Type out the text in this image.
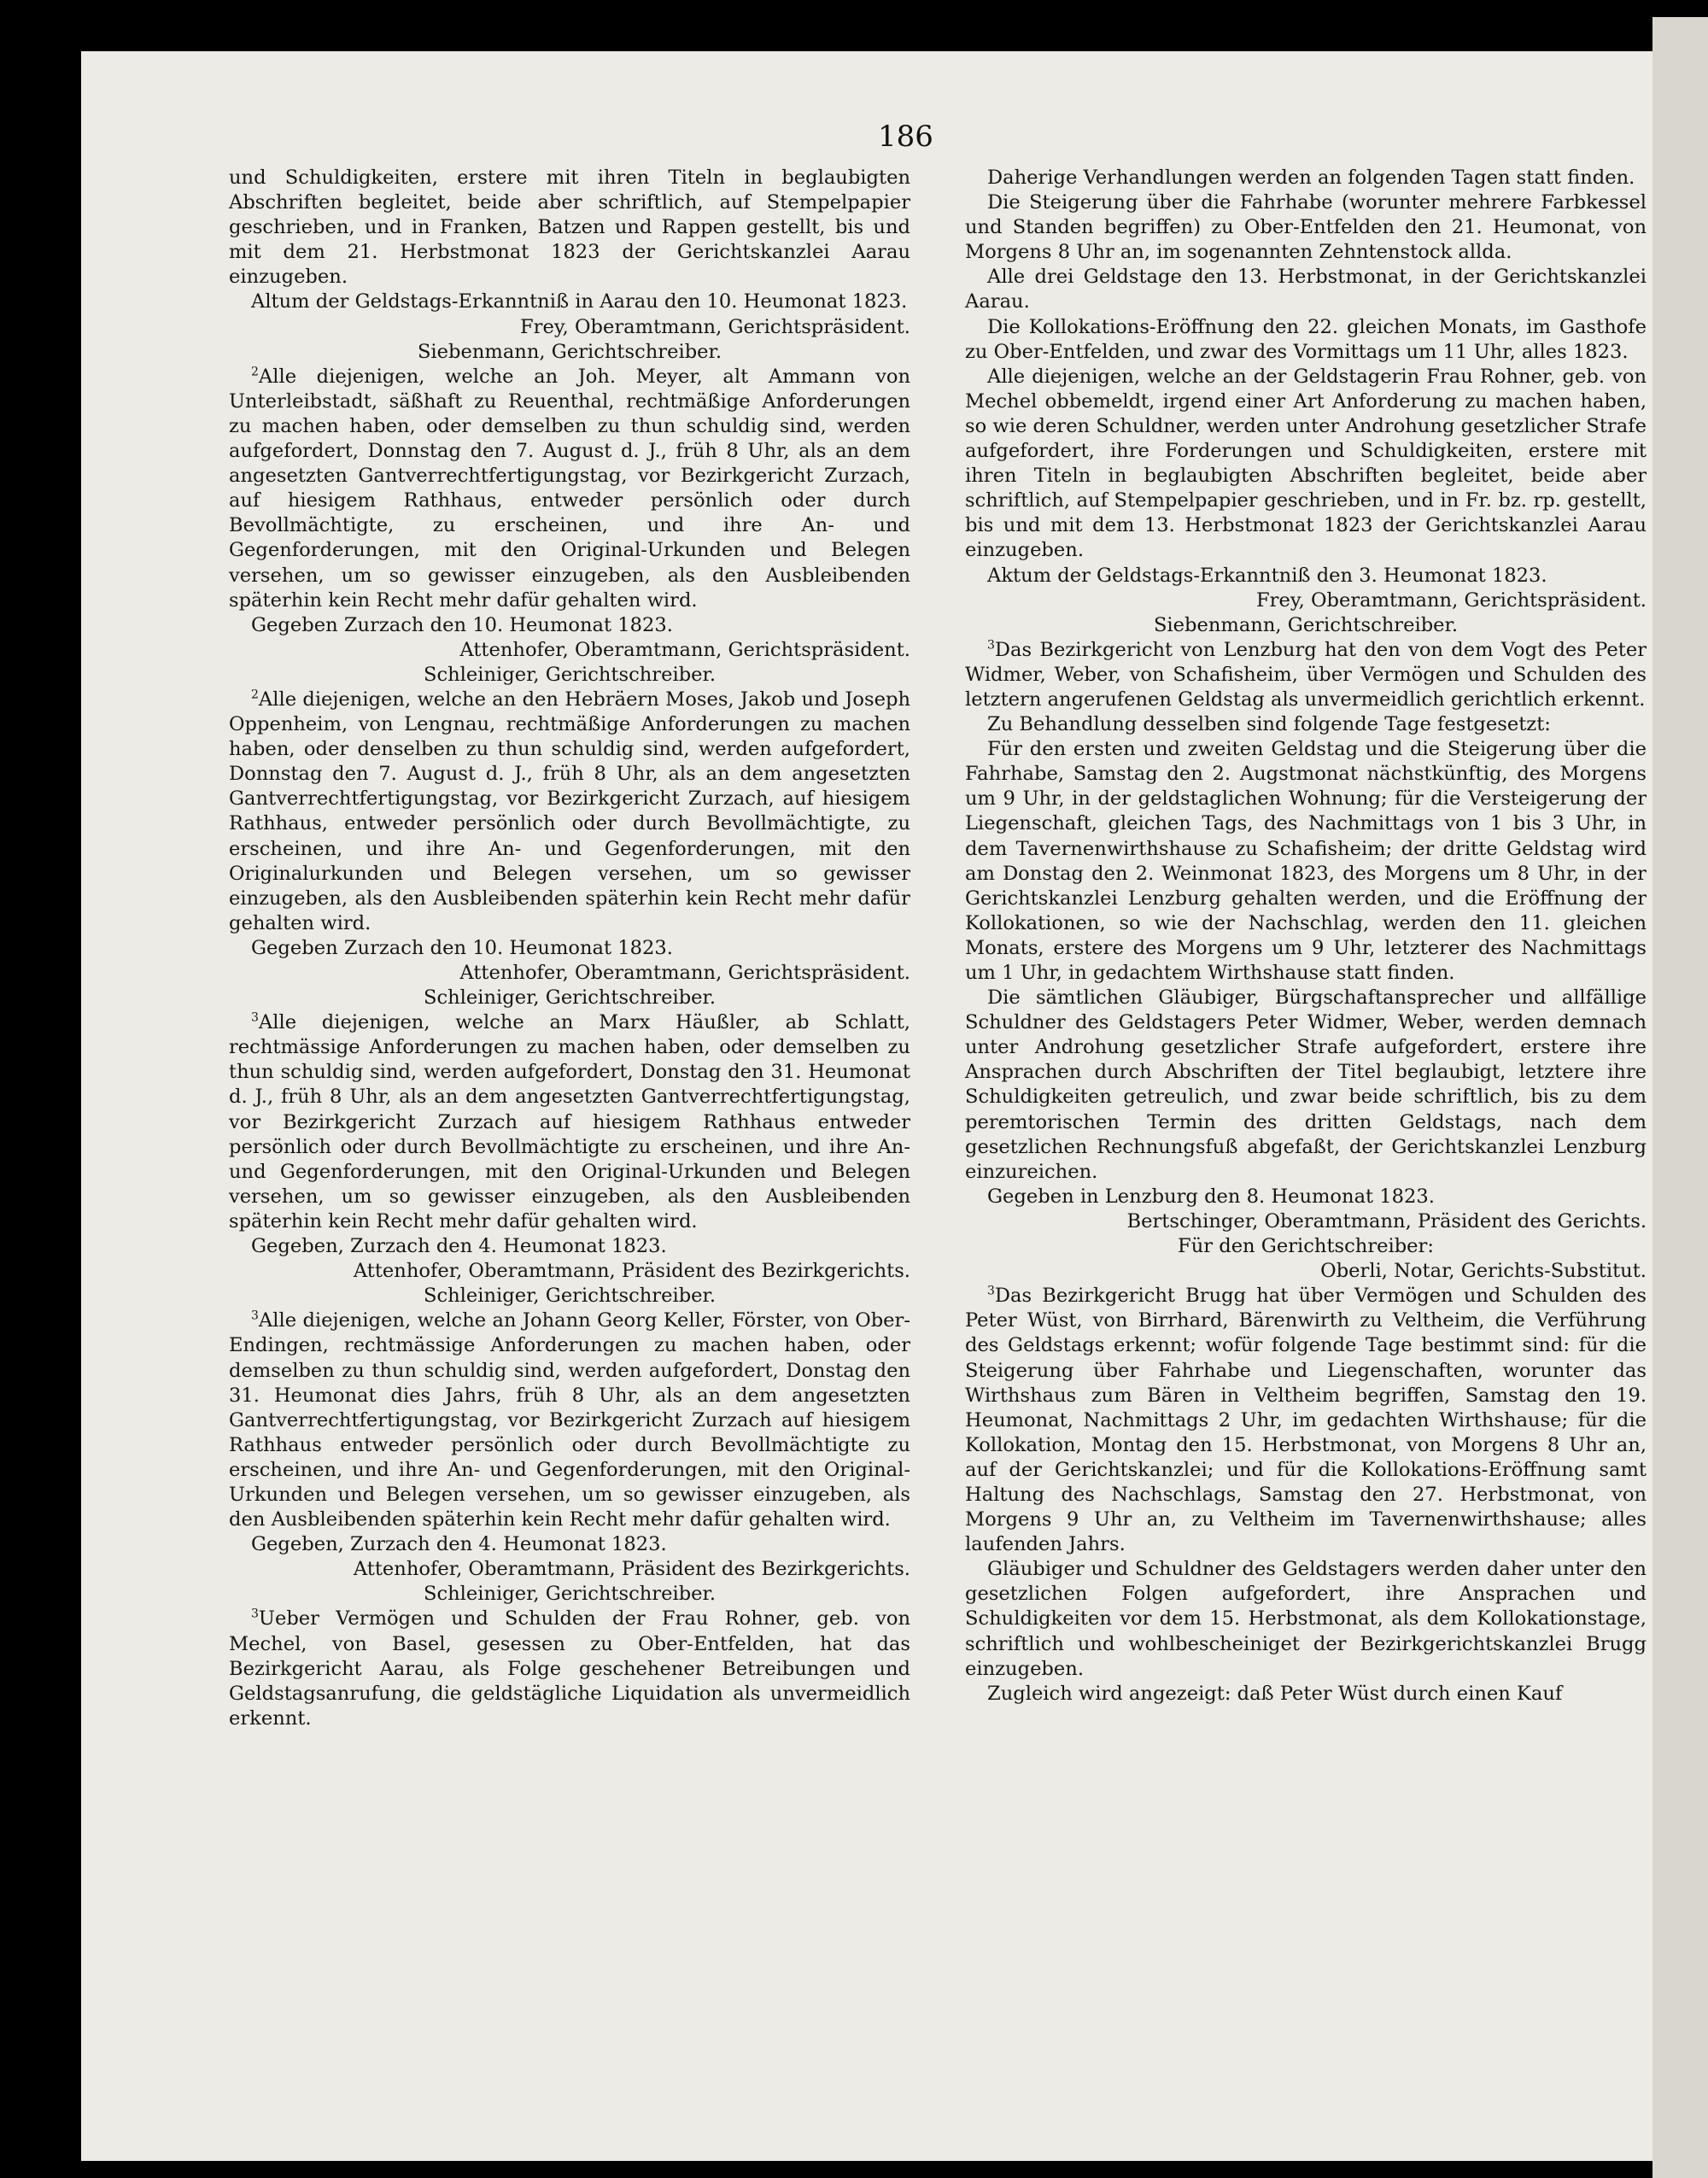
186

und Schuldigkeiten, erstere mit ihren Titeln in beglaubigten Abschriften begleitet, beide aber schriftlich, auf Stempelpapier geschrieben, und in Franken, Batzen und Rappen gestellt, bis und mit dem 21. Herbstmonat 1823 der Gerichtskanzlei Aarau einzugeben.

Altum der Geldstags-Erkanntniß in Aarau den 10. Heumonat 1823.

Frey, Oberamtmann, Gerichtspräsident.

Siebenmann, Gerichtschreiber.

$^2$Alle diejenigen, welche an Joh. Meyer, alt Ammann von Unterleibstadt, säßhaft zu Reuenthal, rechtmäßige Anforderungen zu machen haben, oder demselben zu thun schuldig sind, werden aufgefordert, Donnstag den 7. August d. J., früh 8 Uhr, als an dem angesetzten Gantverrechtfertigungstag, vor Bezirkgericht Zurzach, auf hiesigem Rathhaus, entweder persönlich oder durch Bevollmächtigte, zu erscheinen, und ihre An- und Gegenforderungen, mit den Original-Urkunden und Belegen versehen, um so gewisser einzugeben, als den Ausbleibenden späterhin kein Recht mehr dafür gehalten wird.

Gegeben Zurzach den 10. Heumonat 1823.

Attenhofer, Oberamtmann, Gerichtspräsident.

Schleiniger, Gerichtschreiber.

$^2$Alle diejenigen, welche an den Hebräern Moses, Jakob und Joseph Oppenheim, von Lengnau, rechtmäßige Anforderungen zu machen haben, oder denselben zu thun schuldig sind, werden aufgefordert, Donnstag den 7. August d. J., früh 8 Uhr, als an dem angesetzten Gantverrechtfertigungstag, vor Bezirkgericht Zurzach, auf hiesigem Rathhaus, entweder persönlich oder durch Bevollmächtigte, zu erscheinen, und ihre An- und Gegenforderungen, mit den Originalurkunden und Belegen versehen, um so gewisser einzugeben, als den Ausbleibenden späterhin kein Recht mehr dafür gehalten wird.

Gegeben Zurzach den 10. Heumonat 1823.

Attenhofer, Oberamtmann, Gerichtspräsident.

Schleiniger, Gerichtschreiber.

$^3$Alle diejenigen, welche an Marx Häußler, ab Schlatt, rechtmässige Anforderungen zu machen haben, oder demselben zu thun schuldig sind, werden aufgefordert, Donstag den 31. Heumonat d. J., früh 8 Uhr, als an dem angesetzten Gantverrechtfertigungstag, vor Bezirkgericht Zurzach auf hiesigem Rathhaus entweder persönlich oder durch Bevollmächtigte zu erscheinen, und ihre An- und Gegenforderungen, mit den Original-Urkunden und Belegen versehen, um so gewisser einzugeben, als den Ausbleibenden späterhin kein Recht mehr dafür gehalten wird.

Gegeben, Zurzach den 4. Heumonat 1823.

Attenhofer, Oberamtmann, Präsident des Bezirkgerichts.

Schleiniger, Gerichtschreiber.

$^3$Alle diejenigen, welche an Johann Georg Keller, Förster, von Ober-Endingen, rechtmässige Anforderungen zu machen haben, oder demselben zu thun schuldig sind, werden aufgefordert, Donstag den 31. Heumonat dies Jahrs, früh 8 Uhr, als an dem angesetzten Gantverrechtfertigungstag, vor Bezirkgericht Zurzach auf hiesigem Rathhaus entweder persönlich oder durch Bevollmächtigte zu erscheinen, und ihre An- und Gegenforderungen, mit den Original-Urkunden und Belegen versehen, um so gewisser einzugeben, als den Ausbleibenden späterhin kein Recht mehr dafür gehalten wird.

Gegeben, Zurzach den 4. Heumonat 1823.

Attenhofer, Oberamtmann, Präsident des Bezirkgerichts.

Schleiniger, Gerichtschreiber.

$^3$Ueber Vermögen und Schulden der Frau Rohner, geb. von Mechel, von Basel, gesessen zu Ober-Entfelden, hat das Bezirkgericht Aarau, als Folge geschehener Betreibungen und Geldstagsanrufung, die geldstägliche Liquidation als unvermeidlich erkennt.

Daherige Verhandlungen werden an folgenden Tagen statt finden.

Die Steigerung über die Fahrhabe (worunter mehrere Farbkessel und Standen begriffen) zu Ober-Entfelden den 21. Heumonat, von Morgens 8 Uhr an, im sogenannten Zehntenstock allda.

Alle drei Geldstage den 13. Herbstmonat, in der Gerichtskanzlei Aarau.

Die Kollokations-Eröffnung den 22. gleichen Monats, im Gasthofe zu Ober-Entfelden, und zwar des Vormittags um 11 Uhr, alles 1823.

Alle diejenigen, welche an der Geldstagerin Frau Rohner, geb. von Mechel obbemeldt, irgend einer Art Anforderung zu machen haben, so wie deren Schuldner, werden unter Androhung gesetzlicher Strafe aufgefordert, ihre Forderungen und Schuldigkeiten, erstere mit ihren Titeln in beglaubigten Abschriften begleitet, beide aber schriftlich, auf Stempelpapier geschrieben, und in Fr. bz. rp. gestellt, bis und mit dem 13. Herbstmonat 1823 der Gerichtskanzlei Aarau einzugeben.

Aktum der Geldstags-Erkanntniß den 3. Heumonat 1823.

Frey, Oberamtmann, Gerichtspräsident.

Siebenmann, Gerichtschreiber.

$^3$Das Bezirkgericht von Lenzburg hat den von dem Vogt des Peter Widmer, Weber, von Schafisheim, über Vermögen und Schulden des letztern angerufenen Geldstag als unvermeidlich gerichtlich erkennt.

Zu Behandlung desselben sind folgende Tage festgesetzt:

Für den ersten und zweiten Geldstag und die Steigerung über die Fahrhabe, Samstag den 2. Augstmonat nächstkünftig, des Morgens um 9 Uhr, in der geldstaglichen Wohnung; für die Versteigerung der Liegenschaft, gleichen Tags, des Nachmittags von 1 bis 3 Uhr, in dem Tavernenwirthshause zu Schafisheim; der dritte Geldstag wird am Donstag den 2. Weinmonat 1823, des Morgens um 8 Uhr, in der Gerichtskanzlei Lenzburg gehalten werden, und die Eröffnung der Kollokationen, so wie der Nachschlag, werden den 11. gleichen Monats, erstere des Morgens um 9 Uhr, letzterer des Nachmittags um 1 Uhr, in gedachtem Wirthshause statt finden.

Die sämtlichen Gläubiger, Bürgschaftansprecher und allfällige Schuldner des Geldstagers Peter Widmer, Weber, werden demnach unter Androhung gesetzlicher Strafe aufgefordert, erstere ihre Ansprachen durch Abschriften der Titel beglaubigt, letztere ihre Schuldigkeiten getreulich, und zwar beide schriftlich, bis zu dem peremtorischen Termin des dritten Geldstags, nach dem gesetzlichen Rechnungsfuß abgefaßt, der Gerichtskanzlei Lenzburg einzureichen.

Gegeben in Lenzburg den 8. Heumonat 1823.

Bertschinger, Oberamtmann, Präsident des Gerichts.

Für den Gerichtschreiber:

Oberli, Notar, Gerichts-Substitut.

$^3$Das Bezirkgericht Brugg hat über Vermögen und Schulden des Peter Wüst, von Birrhard, Bärenwirth zu Veltheim, die Verführung des Geldstags erkennt; wofür folgende Tage bestimmt sind: für die Steigerung über Fahrhabe und Liegenschaften, worunter das Wirthshaus zum Bären in Veltheim begriffen, Samstag den 19. Heumonat, Nachmittags 2 Uhr, im gedachten Wirthshause; für die Kollokation, Montag den 15. Herbstmonat, von Morgens 8 Uhr an, auf der Gerichtskanzlei; und für die Kollokations-Eröffnung samt Haltung des Nachschlags, Samstag den 27. Herbstmonat, von Morgens 9 Uhr an, zu Veltheim im Tavernenwirthshause; alles laufenden Jahrs.

Gläubiger und Schuldner des Geldstagers werden daher unter den gesetzlichen Folgen aufgefordert, ihre Ansprachen und Schuldigkeiten vor dem 15. Herbstmonat, als dem Kollokationstage, schriftlich und wohlbescheiniget der Bezirkgerichtskanzlei Brugg einzugeben.

Zugleich wird angezeigt: daß Peter Wüst durch einen Kauf
